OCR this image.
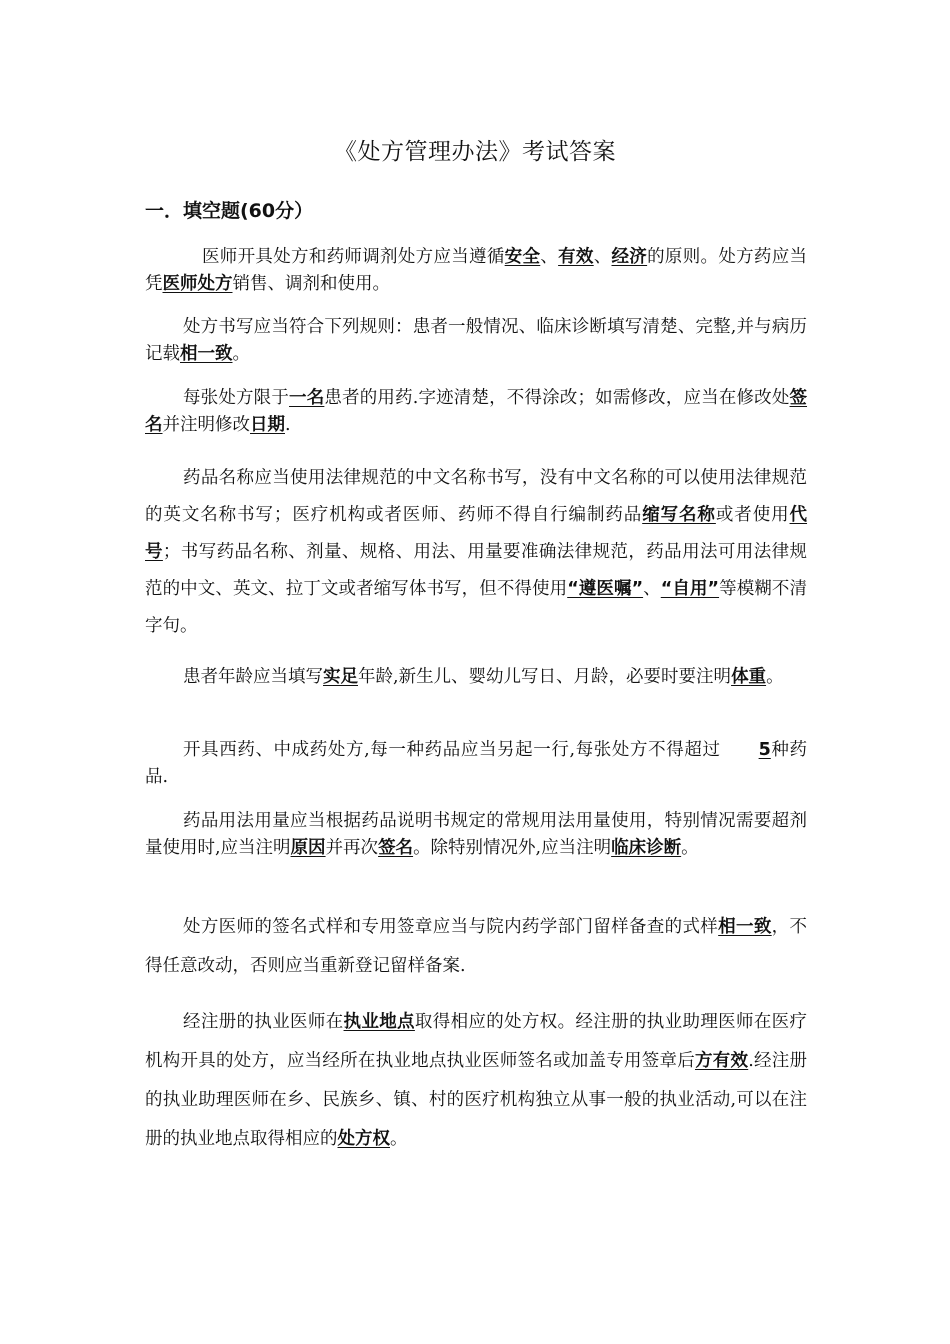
《处方管理办法》考试答案
一．填空题(60分）

医师开具处方和药师调剂处方应当遵循安全、有效、经济的原则。处方药应当凭医师处方销售、调剂和使用。

处方书写应当符合下列规则：患者一般情况、临床诊断填写清楚、完整,并与病历记载相一致。

每张处方限于一名患者的用药.字迹清楚，不得涂改；如需修改，应当在修改处签名并注明修改日期.

药品名称应当使用法律规范的中文名称书写，没有中文名称的可以使用法律规范的英文名称书写；医疗机构或者医师、药师不得自行编制药品缩写名称或者使用代号；书写药品名称、剂量、规格、用法、用量要准确法律规范，药品用法可用法律规范的中文、英文、拉丁文或者缩写体书写，但不得使用“遵医嘱”、“自用”等模糊不清字句。

患者年龄应当填写实足年龄,新生儿、婴幼儿写日、月龄，必要时要注明体重。

开具西药、中成药处方,每一种药品应当另起一行,每张处方不得超过 5种药品.

药品用法用量应当根据药品说明书规定的常规用法用量使用，特别情况需要超剂量使用时,应当注明原因并再次签名。除特别情况外,应当注明临床诊断。

处方医师的签名式样和专用签章应当与院内药学部门留样备查的式样相一致，不得任意改动，否则应当重新登记留样备案.

经注册的执业医师在执业地点取得相应的处方权。经注册的执业助理医师在医疗机构开具的处方，应当经所在执业地点执业医师签名或加盖专用签章后方有效.经注册的执业助理医师在乡、民族乡、镇、村的医疗机构独立从事一般的执业活动,可以在注册的执业地点取得相应的处方权。
